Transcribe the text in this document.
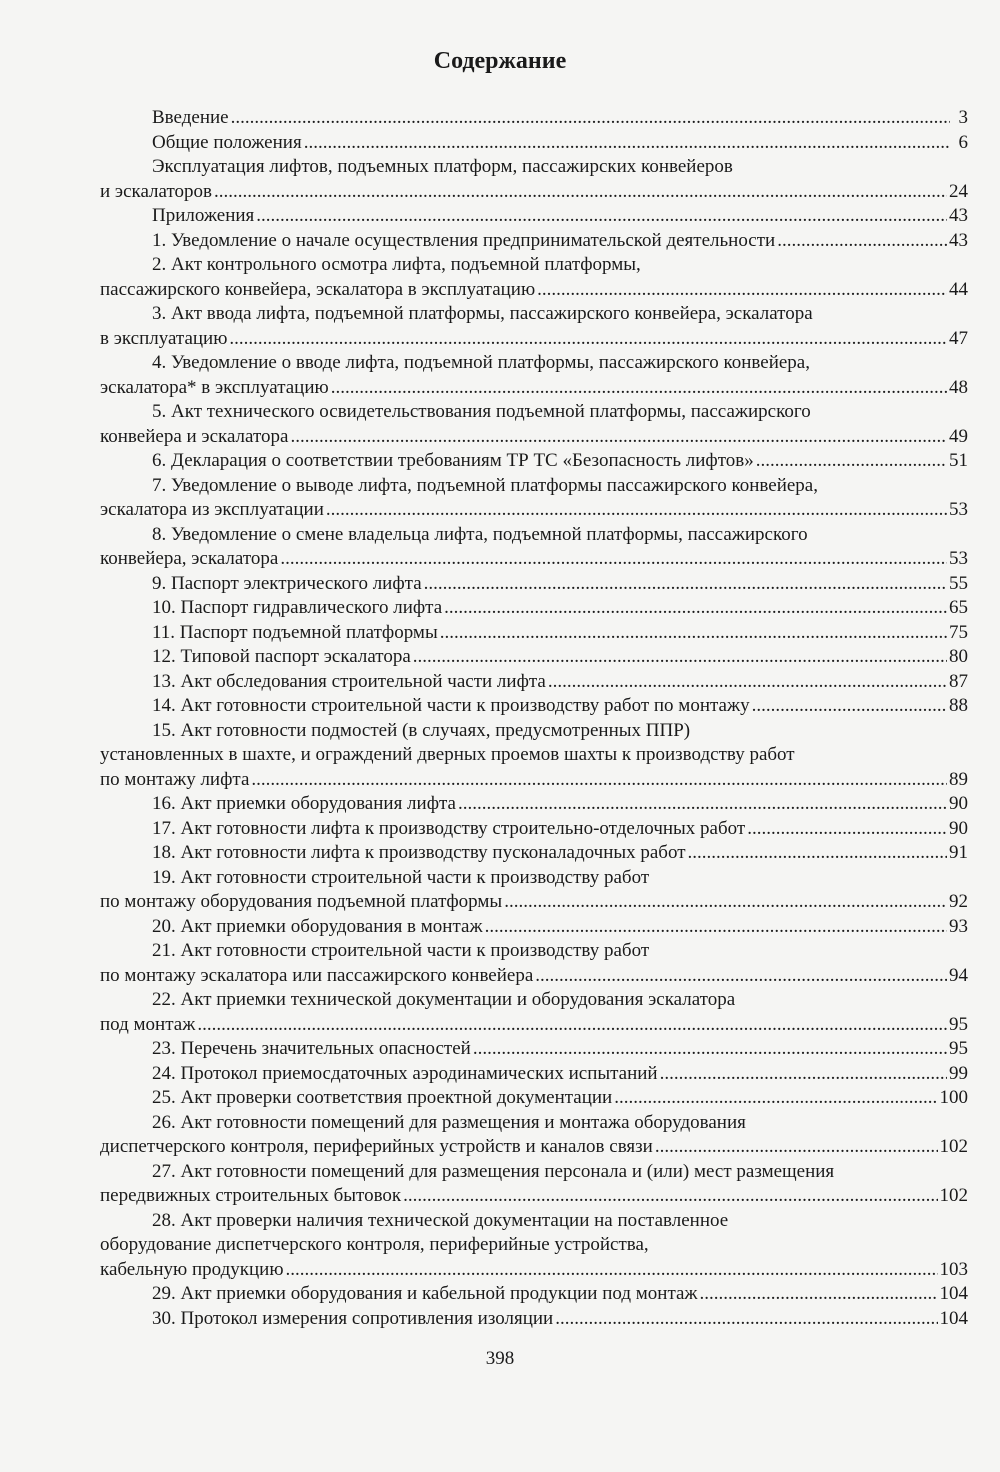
Содержание
Введение .....	3
Общие положения .....	6
Эксплуатация лифтов, подъемных платформ, пассажирских конвейеров
и эскалаторов .....	24
Приложения .....	43
1. Уведомление о начале осуществления предпринимательской деятельности .....	43
2. Акт контрольного осмотра лифта, подъемной платформы,
пассажирского конвейера, эскалатора в эксплуатацию .....	44
3. Акт ввода лифта, подъемной платформы, пассажирского конвейера, эскалатора
в эксплуатацию .....	47
4. Уведомление о вводе лифта, подъемной платформы, пассажирского конвейера,
эскалатора* в эксплуатацию .....	48
5. Акт технического освидетельствования подъемной платформы, пассажирского
конвейера и эскалатора .....	49
6. Декларация о соответствии требованиям ТР ТС «Безопасность лифтов» .....	51
7. Уведомление о выводе лифта, подъемной платформы пассажирского конвейера,
эскалатора из эксплуатации .....	53
8. Уведомление о смене владельца лифта, подъемной платформы, пассажирского
конвейера, эскалатора .....	53
9. Паспорт электрического лифта .....	55
10. Паспорт гидравлического лифта .....	65
11. Паспорт подъемной платформы .....	75
12. Типовой паспорт эскалатора .....	80
13. Акт обследования строительной части лифта .....	87
14. Акт готовности строительной части к производству работ по монтажу .....	88
15. Акт готовности подмостей (в случаях, предусмотренных ППР)
установленных в шахте, и ограждений дверных проемов шахты к производству работ
по монтажу лифта .....	89
16. Акт приемки оборудования лифта .....	90
17. Акт готовности лифта к производству строительно-отделочных работ .....	90
18. Акт готовности лифта к производству пусконаладочных работ .....	91
19. Акт готовности строительной части к производству работ
по монтажу оборудования подъемной платформы .....	92
20. Акт приемки оборудования в монтаж .....	93
21. Акт готовности строительной части к производству работ
по монтажу эскалатора или пассажирского конвейера .....	94
22. Акт приемки технической документации и оборудования эскалатора
под монтаж .....	95
23. Перечень значительных опасностей .....	95
24. Протокол приемосдаточных аэродинамических испытаний .....	99
25. Акт проверки соответствия проектной документации .....	100
26. Акт готовности помещений для размещения и монтажа оборудования
диспетчерского контроля, периферийных устройств и каналов связи .....	102
27. Акт готовности помещений для размещения персонала и (или) мест размещения
передвижных строительных бытовок .....	102
28. Акт проверки наличия технической документации на поставленное
оборудование диспетчерского контроля, периферийные устройства,
кабельную продукцию .....	103
29. Акт приемки оборудования и кабельной продукции под монтаж .....	104
30. Протокол измерения сопротивления изоляции .....	104
398
